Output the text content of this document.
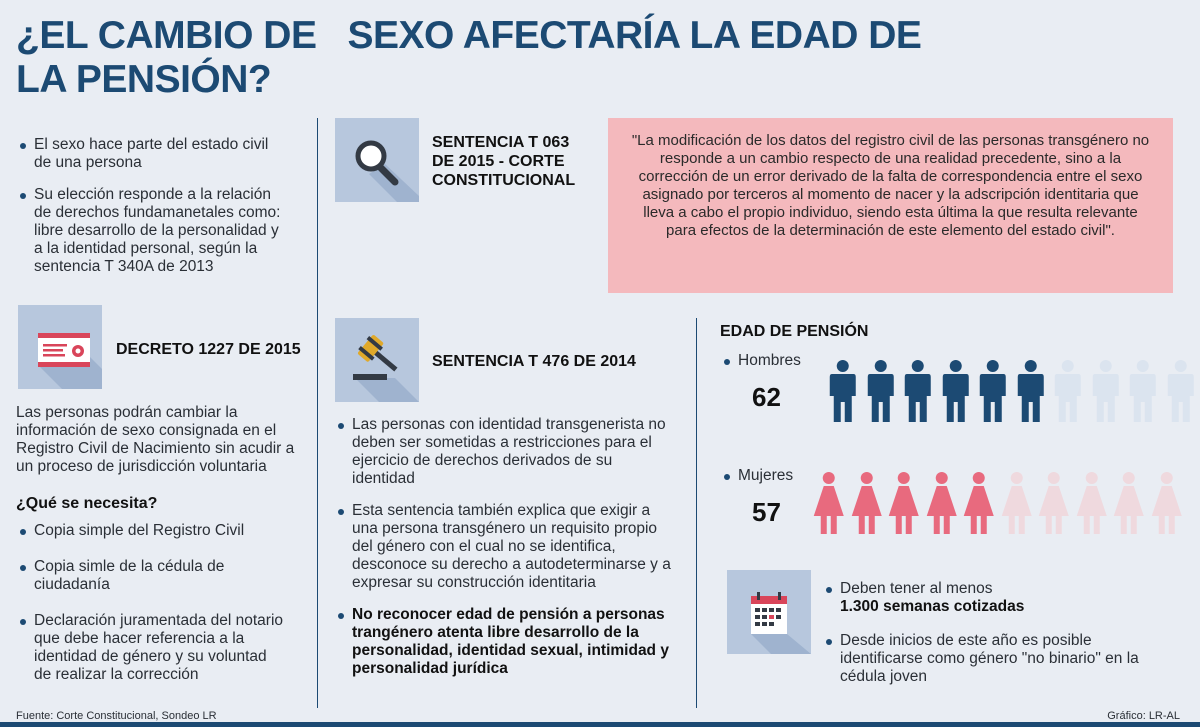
¿EL CAMBIO DE   SEXO AFECTARÍA LA EDAD DE
LA PENSIÓN?
El sexo hace parte del estado civil de una persona
Su elección responde a la relación de derechos fundamanetales como: libre desarrollo de la personalidad y a la identidad personal, según la sentencia T 340A de 2013
DECRETO 1227 DE 2015
Las personas podrán cambiar la información de sexo consignada en el Registro Civil de Nacimiento sin acudir a un proceso de jurisdicción voluntaria
¿Qué se necesita?
Copia simple del Registro Civil
Copia simle de la cédula de ciudadanía
Declaración juramentada del notario que debe hacer referencia a la identidad de género y su voluntad de realizar la corrección
SENTENCIA T 063 DE 2015 - CORTE CONSTITUCIONAL
SENTENCIA T 476 DE 2014
Las personas con identidad transgenerista no deben ser sometidas a restricciones para el ejercicio de derechos derivados de su identidad
Esta sentencia también explica que exigir a una persona transgénero un requisito propio del género con el cual no se identifica, desconoce su derecho a autodeterminarse y a expresar su construcción identitaria
No reconocer edad de pensión a personas trangénero atenta libre desarrollo de la personalidad, identidad sexual, intimidad y personalidad jurídica
"La modificación de los datos del registro civil de las personas transgénero no responde a un cambio respecto de una realidad precedente, sino a la corrección de un error derivado de la falta de correspondencia entre el sexo asignado por terceros al momento de nacer y la adscripción identitaria que lleva a cabo el propio individuo, siendo esta última la que resulta relevante para efectos de la determinación de este elemento del estado civil".
EDAD DE PENSIÓN
Hombres
62
Mujeres
57
Deben tener al menos
1.300 semanas cotizadas
Desde inicios de este año es posible identificarse como género "no binario" en la cédula joven
Fuente: Corte Constitucional, Sondeo LR	Gráfico: LR-AL
